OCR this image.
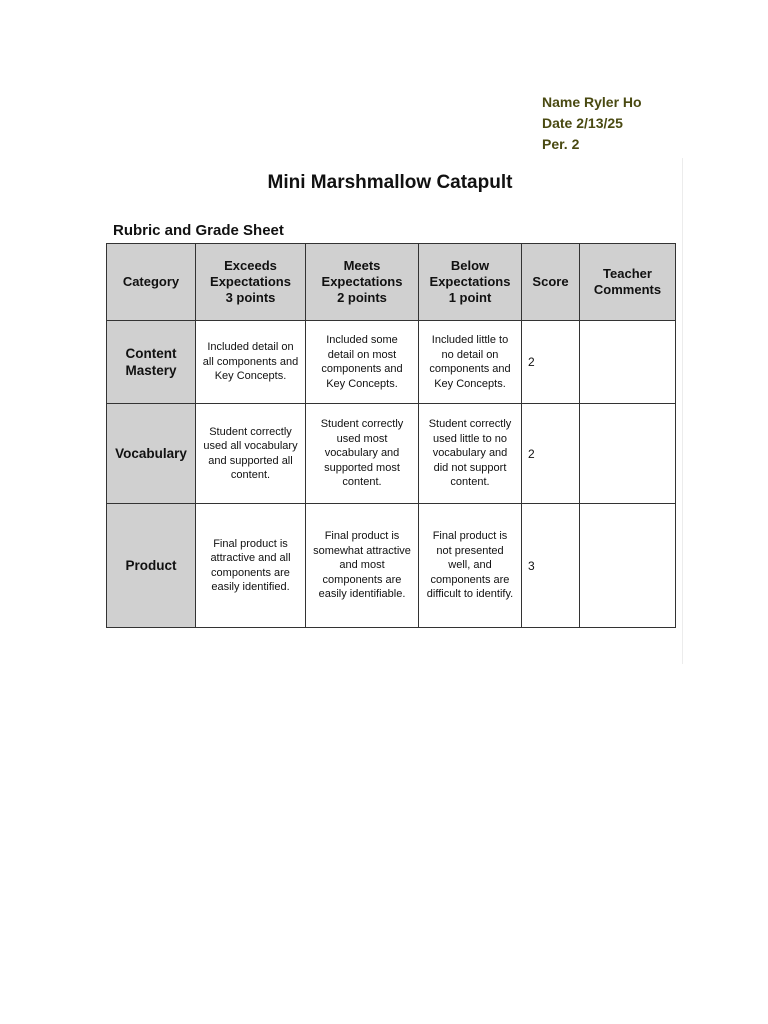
Name Ryler Ho
Date 2/13/25
Per. 2
Mini Marshmallow Catapult
Rubric and Grade Sheet
Category	Exceeds
Expectations
3 points	Meets
Expectations
2 points	Below
Expectations
1 point	Score	Teacher
Comments
Content
Mastery	Included detail on
all components and
Key Concepts.	Included some
detail on most
components and
Key Concepts.	Included little to
no detail on
components and
Key Concepts.	2	
Vocabulary	Student correctly
used all vocabulary
and supported all
content.	Student correctly
used most
vocabulary and
supported most
content.	Student correctly
used little to no
vocabulary and
did not support
content.	2	
Product	Final product is
attractive and all
components are
easily identified.	Final product is
somewhat attractive
and most
components are
easily identifiable.	Final product is
not presented
well, and
components are
difficult to identify.	3	
